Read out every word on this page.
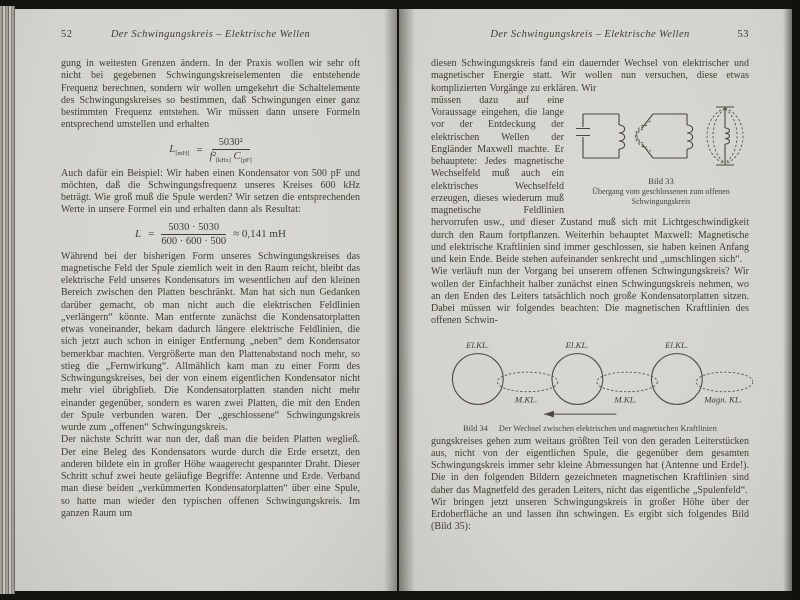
52	Der Schwingungskreis – Elektrische Wellen

gung in weitesten Grenzen ändern. In der Praxis wollen wir sehr oft nicht bei gegebenen Schwingungskreiselementen die entstehende Frequenz berechnen, sondern wir wollen umgekehrt die Schaltelemente des Schwingungskreises so bestimmen, daß Schwingungen einer ganz bestimmten Frequenz entstehen. Wir müssen dann unsere Formeln entsprechend umstellen und erhalten

$L_{[mH]} = \frac{\text{5030²}}{f^2_{[kHz]} C_{[pF]}}$

Auch dafür ein Beispiel: Wir haben einen Kondensator von 500 pF und möchten, daß die Schwingungsfrequenz unseres Kreises 600 kHz beträgt. Wie groß muß die Spule werden? Wir setzen die entsprechenden Werte in unsere Formel ein und erhalten dann als Resultat:

$L = \frac{5030 \cdot 5030}{600 \cdot 600 \cdot 500} \approx 0,141$ mH

Während bei der bisherigen Form unseres Schwingungskreises das magnetische Feld der Spule ziemlich weit in den Raum reicht, bleibt das elektrische Feld unseres Kondensators im wesentlichen auf den kleinen Bereich zwischen den Platten beschränkt. Man hat sich nun Gedanken darüber gemacht, ob man nicht auch die elektrischen Feldlinien „verlängern“ könnte. Man entfernte zunächst die Kondensatorplatten etwas voneinander, bekam dadurch längere elektrische Feldlinien, die sich jetzt auch schon in einiger Entfernung „neben“ dem Kondensator bemerkbar machten. Vergrößerte man den Plattenabstand noch mehr, so stieg die „Fernwirkung“. Allmählich kam man zu einer Form des Schwingungskreises, bei der von einem eigentlichen Kondensator nicht mehr viel übrigblieb. Die Kondensatorplatten standen nicht mehr einander gegenüber, sondern es waren zwei Platten, die mit den Enden der Spule verbunden waren. Der „geschlossene“ Schwingungskreis wurde zum „offenen“ Schwingungskreis.

Der nächste Schritt war nun der, daß man die beiden Platten wegließ. Der eine Beleg des Kondensators wurde durch die Erde ersetzt, den anderen bildete ein in großer Höhe waagerecht gespannter Draht. Dieser Schritt schuf zwei heute geläufige Begriffe: Antenne und Erde. Verband man diese beiden „verkümmerten Kondensatorplatten“ über eine Spule, so hatte man wieder den typischen offenen Schwingungskreis. Im ganzen Raum um

Der Schwingungskreis – Elektrische Wellen	53

diesen Schwingungskreis fand ein dauernder Wechsel von elektrischer und magnetischer Energie statt. Wir wollen nun versuchen, diese etwas komplizierten Vorgänge zu erklären. Wir

Bild 33
Übergang vom geschlossenen zum offenen Schwingungskreis

müssen dazu auf eine Voraussage eingehen, die lange vor der Entdeckung der elektrischen Wellen der Engländer Maxwell machte. Er behauptete: Jedes magnetische Wechselfeld muß auch ein elektrisches Wechselfeld erzeugen, dieses wiederum muß magnetische Feldlinien hervorrufen usw., und dieser Zustand muß sich mit Lichtgeschwindigkeit durch den Raum fortpflanzen. Weiterhin behauptet Maxwell: Magnetische und elektrische Kraftlinien sind immer geschlossen, sie haben keinen Anfang und kein Ende. Beide stehen aufeinander senkrecht und „umschlingen sich“.

Wie verläuft nun der Vorgang bei unserem offenen Schwingungskreis? Wir wollen der Einfachheit halber zunächst einen Schwingungskreis nehmen, wo an den Enden des Leiters tatsächlich noch große Kondensatorplatten sitzen. Dabei müssen wir folgendes beachten: Die magnetischen Kraftlinien des offenen Schwin-

El.KL.	El.KL.	El.KL.
M.KL.	M.KL.	Magn. KL.
Bild 34 Der Wechsel zwischen elektrischen und magnetischen Kraftlinien

gungskreises gehen zum weitaus größten Teil von den geraden Leiterstücken aus, nicht von der eigentlichen Spule, die gegenüber dem gesamten Schwingungskreis immer sehr kleine Abmessungen hat (Antenne und Erde!). Die in den folgenden Bildern gezeichneten magnetischen Kraftlinien sind daher das Magnetfeld des geraden Leiters, nicht das eigentliche „Spulenfeld“.

Wir bringen jetzt unseren Schwingungskreis in großer Höhe über der Erdoberfläche an und lassen ihn schwingen. Es ergibt sich folgendes Bild (Bild 35):
